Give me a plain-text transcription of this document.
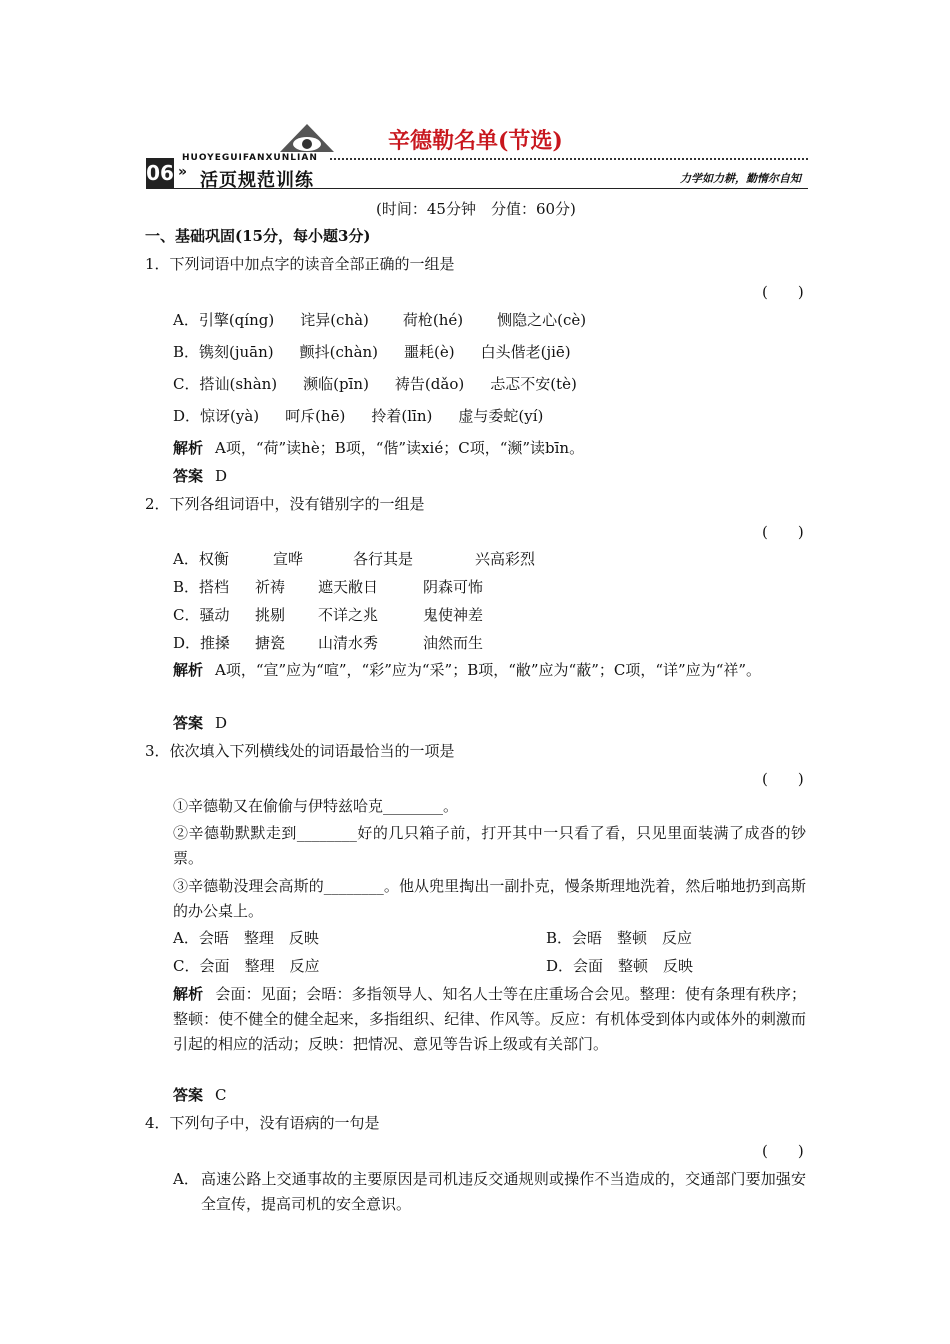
辛德勒名单(节选)
06 »
HUOYEGUIFANXUNLIAN
活页规范训练	力学如力耕，勤惰尔自知
(时间：45分钟　分值：60分)
一、基础巩固(15分，每小题3分)
1．下列词语中加点字的读音全部正确的一组是
(　　)
A．引擎(qíng) 诧异(chà) 荷枪(hé) 恻隐之心(cè)
B．镌刻(juān) 颤抖(chàn) 噩耗(è) 白头偕老(jiē)
C．搭讪(shàn) 濒临(pīn) 祷告(dǎo) 忐忑不安(tè)
D．惊讶(yà) 呵斥(hē) 拎着(līn) 虚与委蛇(yí)
解析 A项，“荷”读hè；B项，“偕”读xié；C项，“濒”读bīn。
答案 D
2．下列各组词语中，没有错别字的一组是
(　　)
A．权衡	宣哗	各行其是	兴高彩烈
B．搭档 祈祷 遮天敝日	阴森可怖
C．骚动 挑剔 不详之兆	鬼使神差
D．推搡 搪瓷 山清水秀	油然而生
解析 A项，“宣”应为“喧”，“彩”应为“采”；B项，“敝”应为“蔽”；C项，“详”应为“祥”。
答案 D
3．依次填入下列横线处的词语最恰当的一项是
(　　)
①辛德勒又在偷偷与伊特兹哈克________。
②辛德勒默默走到________好的几只箱子前，打开其中一只看了看，只见里面装满了成沓的钞票。
③辛德勒没理会高斯的________。他从兜里掏出一副扑克，慢条斯理地洗着，然后啪地扔到高斯的办公桌上。
A．会晤　整理　反映	B．会晤　整顿　反应
C．会面　整理　反应	D．会面　整顿　反映
解析 会面：见面；会晤：多指领导人、知名人士等在庄重场合会见。整理：使有条理有秩序；整顿：使不健全的健全起来，多指组织、纪律、作风等。反应：有机体受到体内或体外的刺激而引起的相应的活动；反映：把情况、意见等告诉上级或有关部门。
答案 C
4．下列句子中，没有语病的一句是
(　　)
A． 高速公路上交通事故的主要原因是司机违反交通规则或操作不当造成的，交通部门要加强安全宣传，提高司机的安全意识。
